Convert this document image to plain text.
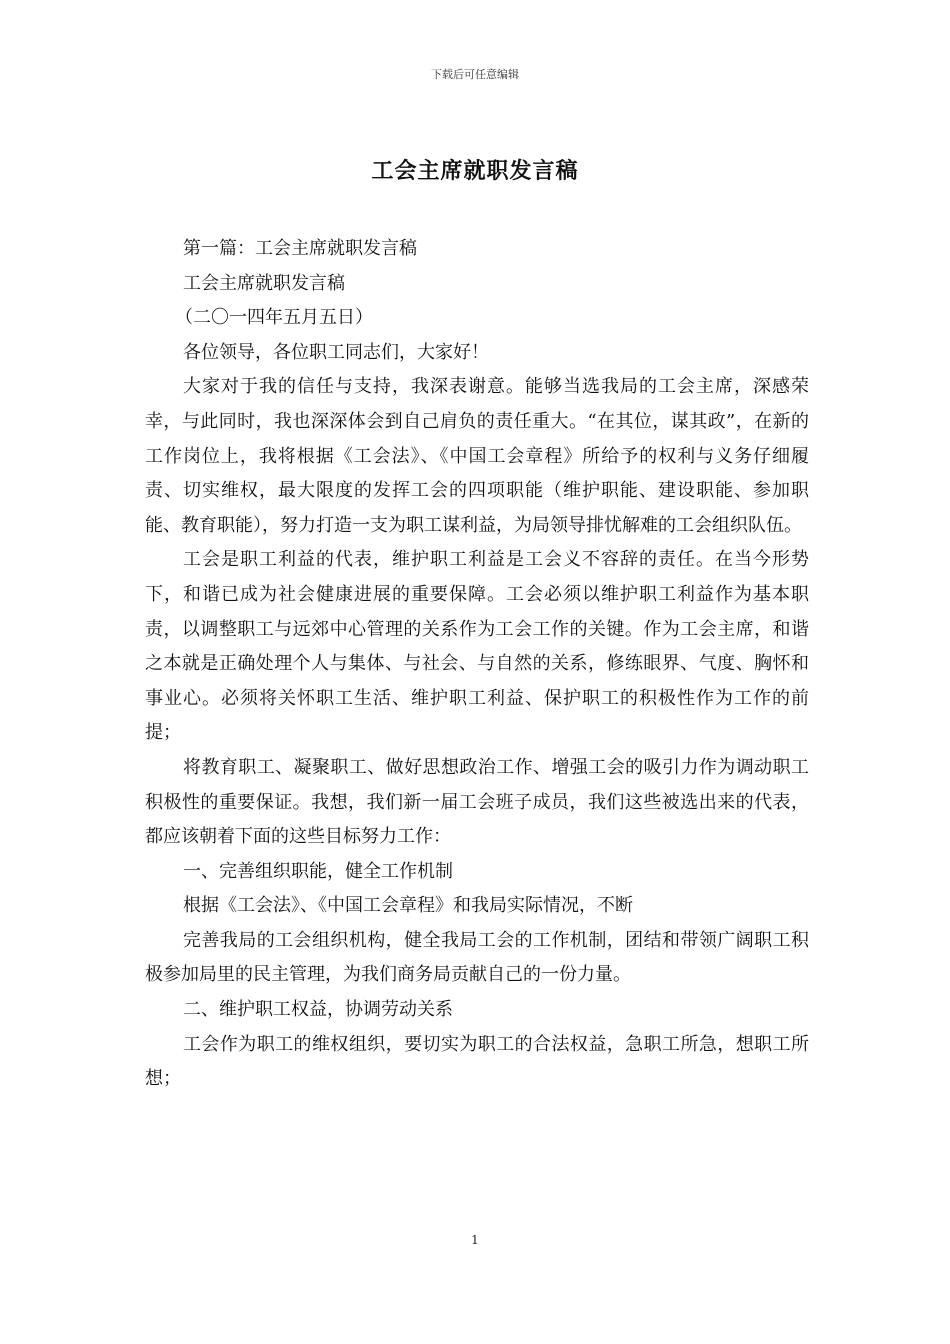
下载后可任意编辑
工会主席就职发言稿

第一篇：工会主席就职发言稿

工会主席就职发言稿

（二〇一四年五月五日）

各位领导，各位职工同志们，大家好！

大家对于我的信任与支持，我深表谢意。能够当选我局的工会主席，深感荣幸，与此同时，我也深深体会到自己肩负的责任重大。“在其位，谋其政”，在新的工作岗位上，我将根据《工会法》、《中国工会章程》所给予的权利与义务仔细履责、切实维权，最大限度的发挥工会的四项职能（维护职能、建设职能、参加职能、教育职能），努力打造一支为职工谋利益，为局领导排忧解难的工会组织队伍。

工会是职工利益的代表，维护职工利益是工会义不容辞的责任。在当今形势下，和谐已成为社会健康进展的重要保障。工会必须以维护职工利益作为基本职责，以调整职工与远郊中心管理的关系作为工会工作的关键。作为工会主席，和谐之本就是正确处理个人与集体、与社会、与自然的关系，修练眼界、气度、胸怀和事业心。必须将关怀职工生活、维护职工利益、保护职工的积极性作为工作的前提；

将教育职工、凝聚职工、做好思想政治工作、增强工会的吸引力作为调动职工积极性的重要保证。我想，我们新一届工会班子成员，我们这些被选出来的代表，都应该朝着下面的这些目标努力工作：

一、完善组织职能，健全工作机制

根据《工会法》、《中国工会章程》和我局实际情况，不断

完善我局的工会组织机构，健全我局工会的工作机制，团结和带领广阔职工积极参加局里的民主管理，为我们商务局贡献自己的一份力量。

二、维护职工权益，协调劳动关系

工会作为职工的维权组织，要切实为职工的合法权益，急职工所急，想职工所想；

1
